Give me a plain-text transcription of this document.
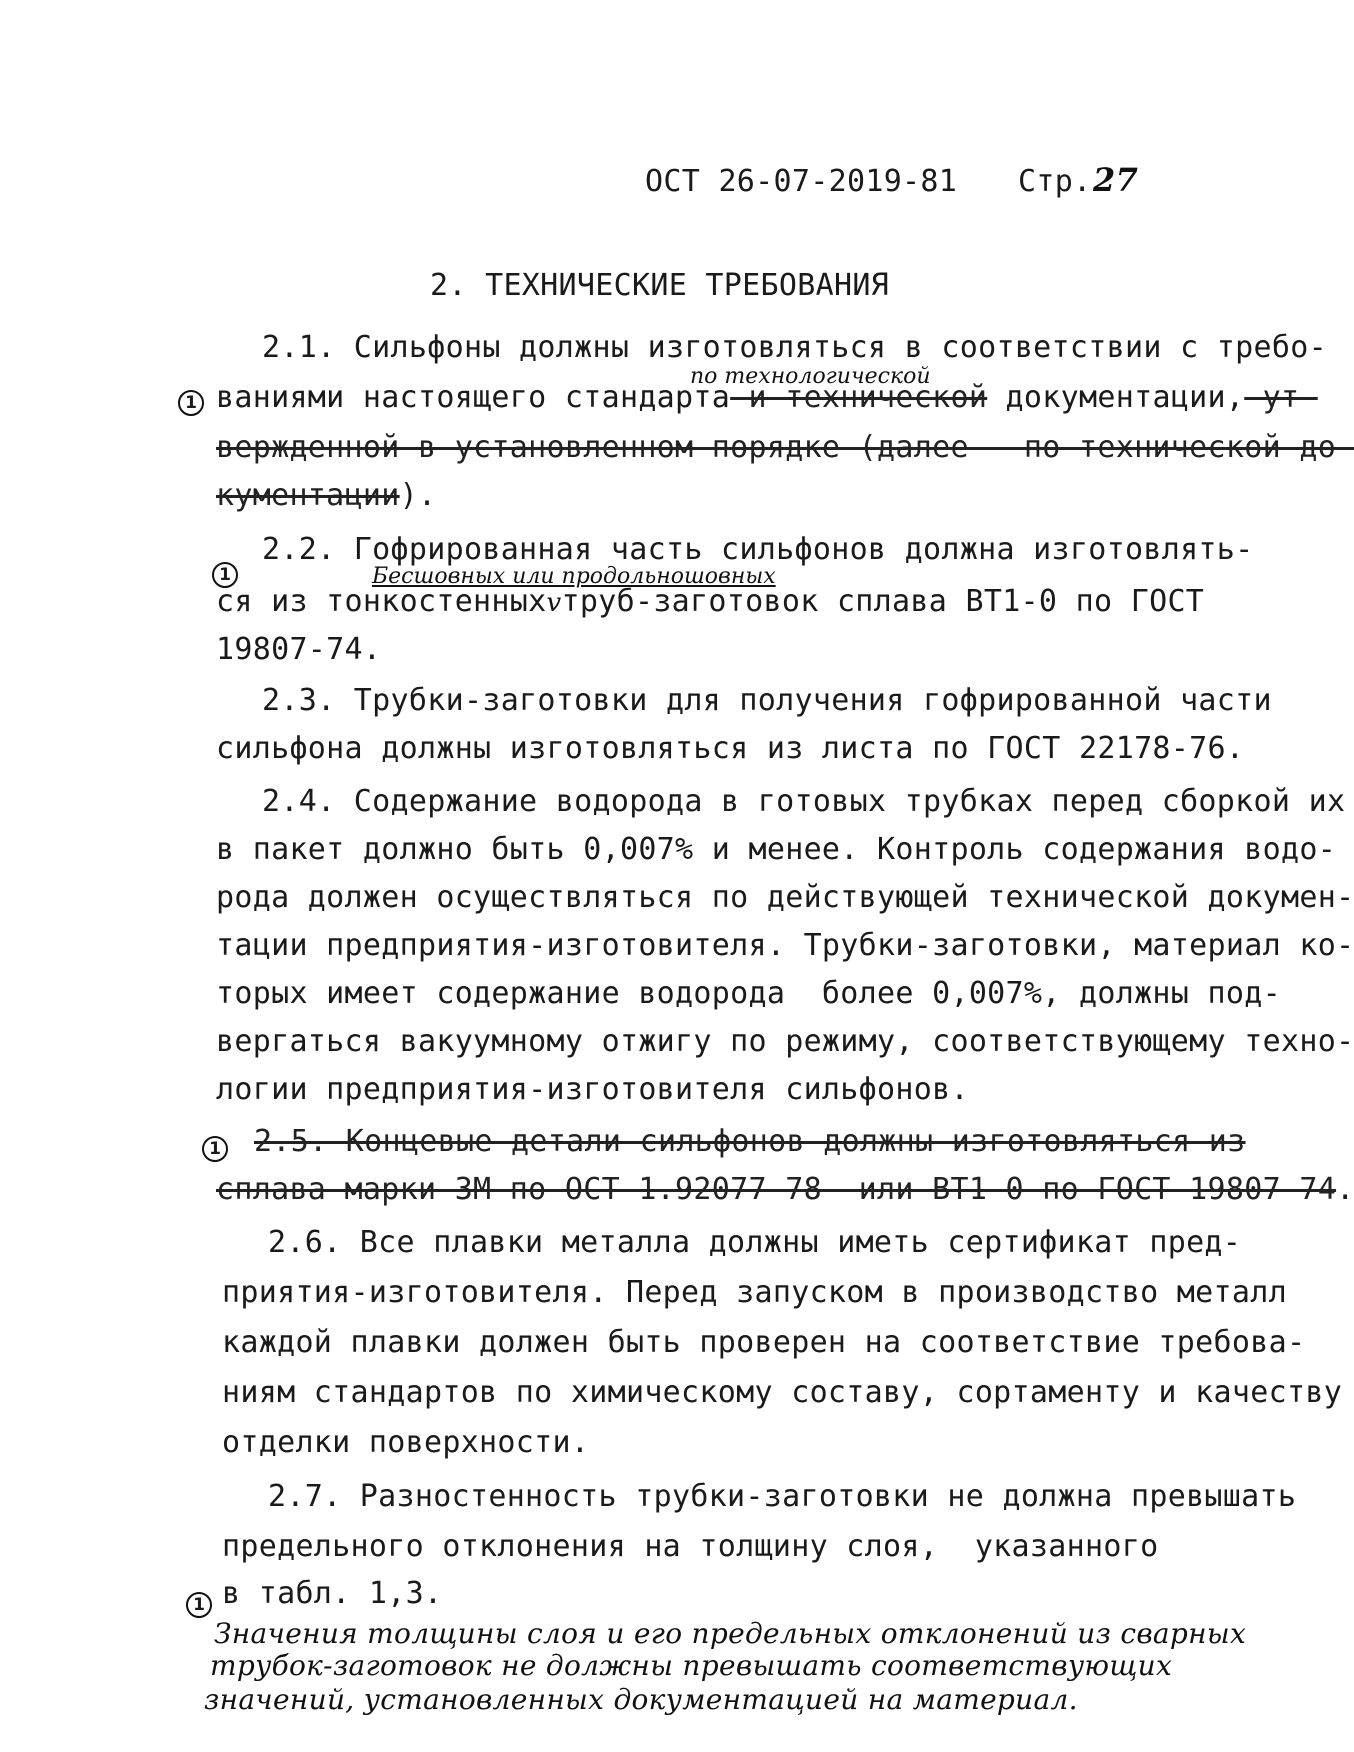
ОСТ 26-07-2019-81 Стр. 27
2. ТЕХНИЧЕСКИЕ ТРЕБОВАНИЯ
2.1. Сильфоны должны изготовляться в соответствии с требо-
по технологической
1 ваниями настоящего стандарта и технической документации, ут-
вержденной в установленном порядке (далее - по технической до-
кументации).
1
2.2. Гофрированная часть сильфонов должна изготовлять-
Бесшовных или продольношовных
ся из тонкостенныхvтруб-заготовок сплава ВТ1-0 по ГОСТ
19807-74.
2.3. Трубки-заготовки для получения гофрированной части
сильфона должны изготовляться из листа по ГОСТ 22178-76.
2.4. Содержание водорода в готовых трубках перед сборкой их
в пакет должно быть 0,007% и менее. Контроль содержания водо-
рода должен осуществляться по действующей технической докумен-
тации предприятия-изготовителя. Трубки-заготовки, материал ко-
торых имеет содержание водорода  более 0,007%, должны под-
вергаться вакуумному отжигу по режиму, соответствующему техно-
логии предприятия-изготовителя сильфонов.
1 2.5. Концевые детали сильфонов должны изготовляться из
сплава марки 3М по ОСТ 1.92077-78  или ВТ1-0 по ГОСТ 19807-74.
2.6. Все плавки металла должны иметь сертификат пред-
приятия-изготовителя. Перед запуском в производство металл
каждой плавки должен быть проверен на соответствие требова-
ниям стандартов по химическому составу, сортаменту и качеству
отделки поверхности.
2.7. Разностенность трубки-заготовки не должна превышать
предельного отклонения на толщину слоя,  указанного
1 в табл. 1,3.
Значения толщины слоя и его предельных отклонений из сварных
трубок-заготовок не должны превышать соответствующих
значений, установленных документацией на материал.
